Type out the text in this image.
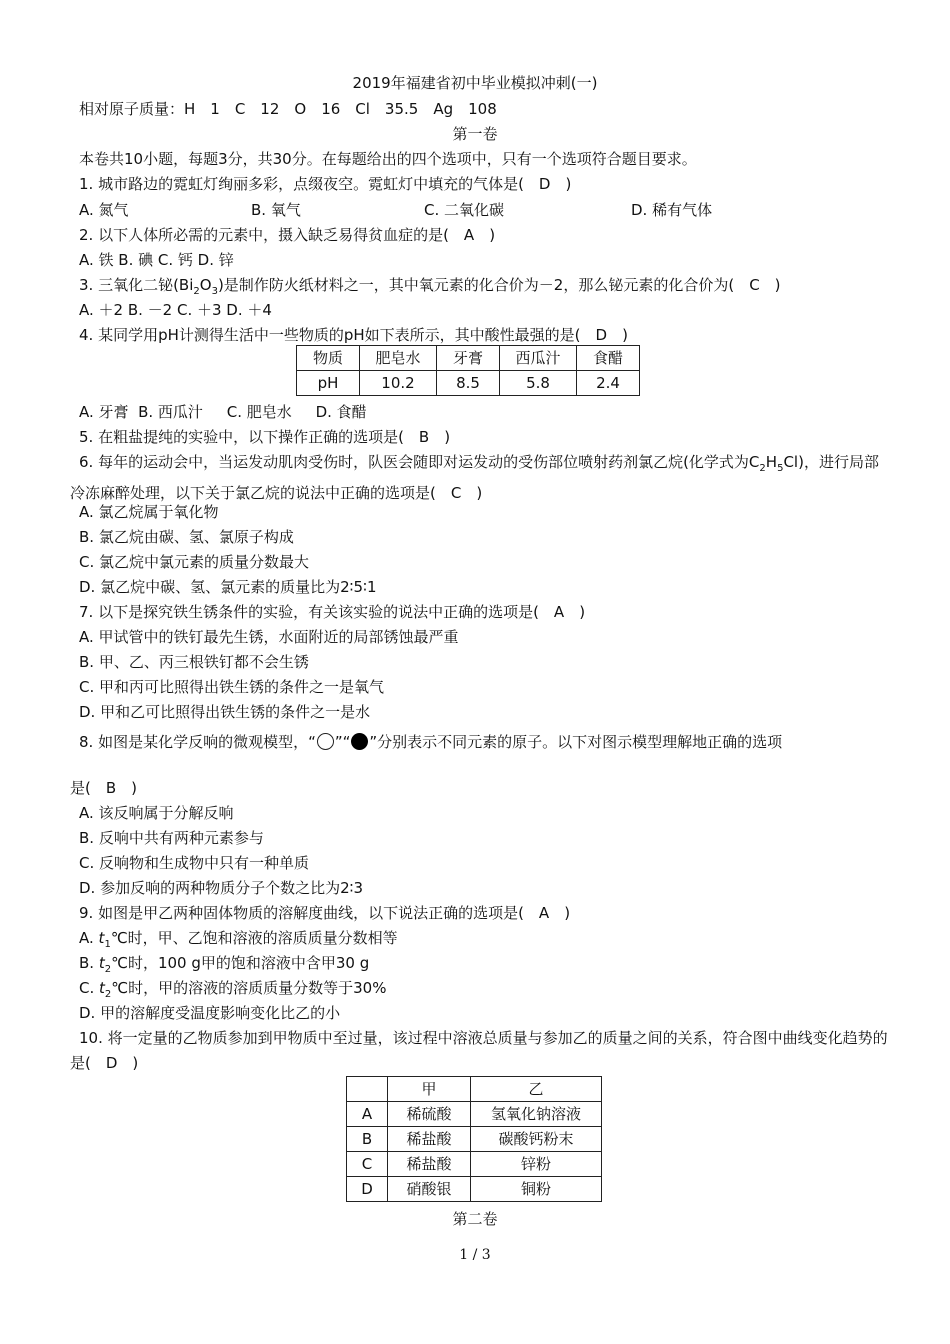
2019年福建省初中毕业模拟冲刺(一)
相对原子质量：H　1　C　12　O　16　Cl　35.5　Ag　108
第一卷
本卷共10小题，每题3分，共30分。在每题给出的四个选项中，只有一个选项符合题目要求。
1. 城市路边的霓虹灯绚丽多彩，点缀夜空。霓虹灯中填充的气体是(　D　)
A. 氮气	B. 氧气	C. 二氧化碳	D. 稀有气体
2. 以下人体所必需的元素中，摄入缺乏易得贫血症的是(　A　)
A. 铁 B. 碘 C. 钙 D. 锌
3. 三氧化二铋$(Bi_2O_3)$是制作防火纸材料之一，其中氧元素的化合价为－2，那么铋元素的化合价为(　C　)
A. ＋2 B. －2 C. ＋3 D. ＋4
4. 某同学用pH计测得生活中一些物质的pH如下表所示，其中酸性最强的是(　D　)
物质	肥皂水	牙膏	西瓜汁	食醋
pH	10.2	8.5	5.8	2.4
A. 牙膏  B. 西瓜汁     C. 肥皂水     D. 食醋
5. 在粗盐提纯的实验中，以下操作正确的选项是(　B　)
6. 每年的运动会中，当运发动肌肉受伤时，队医会随即对运发动的受伤部位喷射药剂氯乙烷(化学式为$C_2H_5Cl$)，进行局部冷冻麻醉处理，以下关于氯乙烷的说法中正确的选项是(　C　)
A. 氯乙烷属于氧化物
B. 氯乙烷由碳、氢、氯原子构成
C. 氯乙烷中氯元素的质量分数最大
D. 氯乙烷中碳、氢、氯元素的质量比为2∶5∶1
7. 以下是探究铁生锈条件的实验，有关该实验的说法中正确的选项是(　A　)
A. 甲试管中的铁钉最先生锈，水面附近的局部锈蚀最严重
B. 甲、乙、丙三根铁钉都不会生锈
C. 甲和丙可比照得出铁生锈的条件之一是氧气
D. 甲和乙可比照得出铁生锈的条件之一是水
8. 如图是某化学反响的微观模型，“ ”“ ”分别表示不同元素的原子。以下对图示模型理解地正确的选项
是(　B　)
A. 该反响属于分解反响
B. 反响中共有两种元素参与
C. 反响物和生成物中只有一种单质
D. 参加反响的两种物质分子个数之比为2∶3
9. 如图是甲乙两种固体物质的溶解度曲线，以下说法正确的选项是(　A　)
A. $t_1℃$时，甲、乙饱和溶液的溶质质量分数相等
B. $t_2℃$时，100 g甲的饱和溶液中含甲30 g
C. $t_2℃$时，甲的溶液的溶质质量分数等于30%
D. 甲的溶解度受温度影响变化比乙的小
10. 将一定量的乙物质参加到甲物质中至过量，该过程中溶液总质量与参加乙的质量之间的关系，符合图中曲线变化趋势的是(　D　)
	甲	乙
A	稀硫酸	氢氧化钠溶液
B	稀盐酸	碳酸钙粉末
C	稀盐酸	锌粉
D	硝酸银	铜粉
第二卷
1 / 3
